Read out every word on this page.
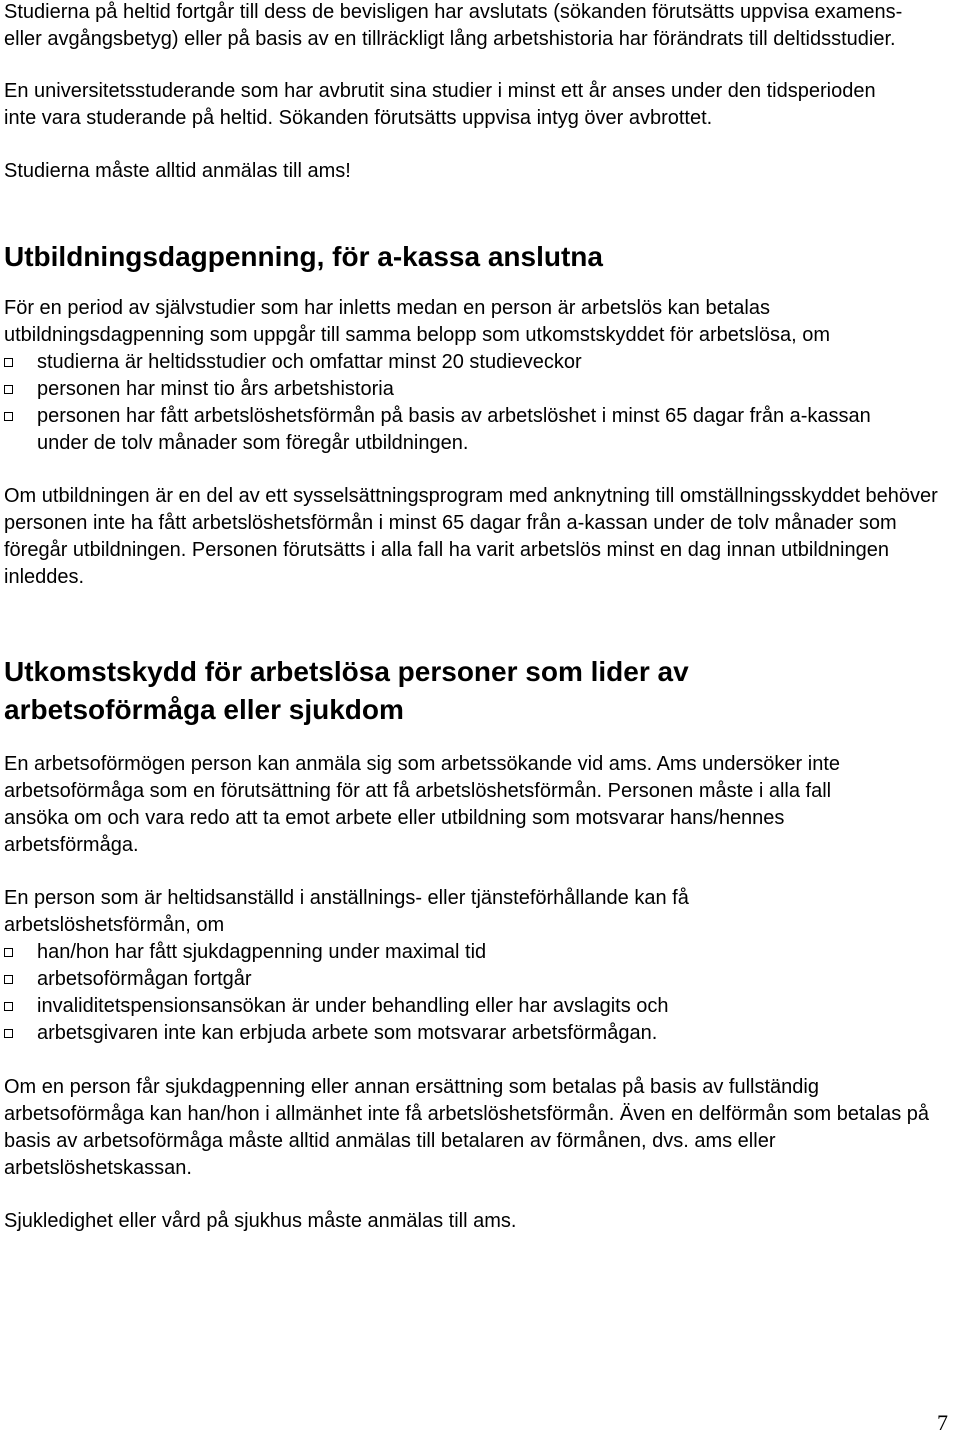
Studierna på heltid fortgår till dess de bevisligen har avslutats (sökanden förutsätts uppvisa examens- eller avgångsbetyg) eller på basis av en tillräckligt lång arbetshistoria har förändrats till deltidsstudier.

En universitetsstuderande som har avbrutit sina studier i minst ett år anses under den tidsperioden inte vara studerande på heltid. Sökanden förutsätts uppvisa intyg över avbrottet.

Studierna måste alltid anmälas till ams!

Utbildningsdagpenning, för a-kassa anslutna

För en period av självstudier som har inletts medan en person är arbetslös kan betalas utbildningsdagpenning som uppgår till samma belopp som utkomstskyddet för arbetslösa, om

studierna är heltidsstudier och omfattar minst 20 studieveckor
personen har minst tio års arbetshistoria
personen har fått arbetslöshetsförmån på basis av arbetslöshet i minst 65 dagar från a-kassan under de tolv månader som föregår utbildningen.

Om utbildningen är en del av ett sysselsättningsprogram med anknytning till omställningsskyddet behöver personen inte ha fått arbetslöshetsförmån i minst 65 dagar från a-kassan under de tolv månader som föregår utbildningen. Personen förutsätts i alla fall ha varit arbetslös minst en dag innan utbildningen inleddes.

Utkomstskydd för arbetslösa personer som lider av arbetsoförmåga eller sjukdom

En arbetsoförmögen person kan anmäla sig som arbetssökande vid ams. Ams undersöker inte arbetsoförmåga som en förutsättning för att få arbetslöshetsförmån. Personen måste i alla fall ansöka om och vara redo att ta emot arbete eller utbildning som motsvarar hans/hennes arbetsförmåga.

En person som är heltidsanställd i anställnings- eller tjänsteförhållande kan få arbetslöshetsförmån, om

han/hon har fått sjukdagpenning under maximal tid
arbetsoförmågan fortgår
invaliditetspensionsansökan är under behandling eller har avslagits och
arbetsgivaren inte kan erbjuda arbete som motsvarar arbetsförmågan.

Om en person får sjukdagpenning eller annan ersättning som betalas på basis av fullständig arbetsoförmåga kan han/hon i allmänhet inte få arbetslöshetsförmån. Även en delförmån som betalas på basis av arbetsoförmåga måste alltid anmälas till betalaren av förmånen, dvs. ams eller arbetslöshetskassan.

Sjukledighet eller vård på sjukhus måste anmälas till ams.

7
